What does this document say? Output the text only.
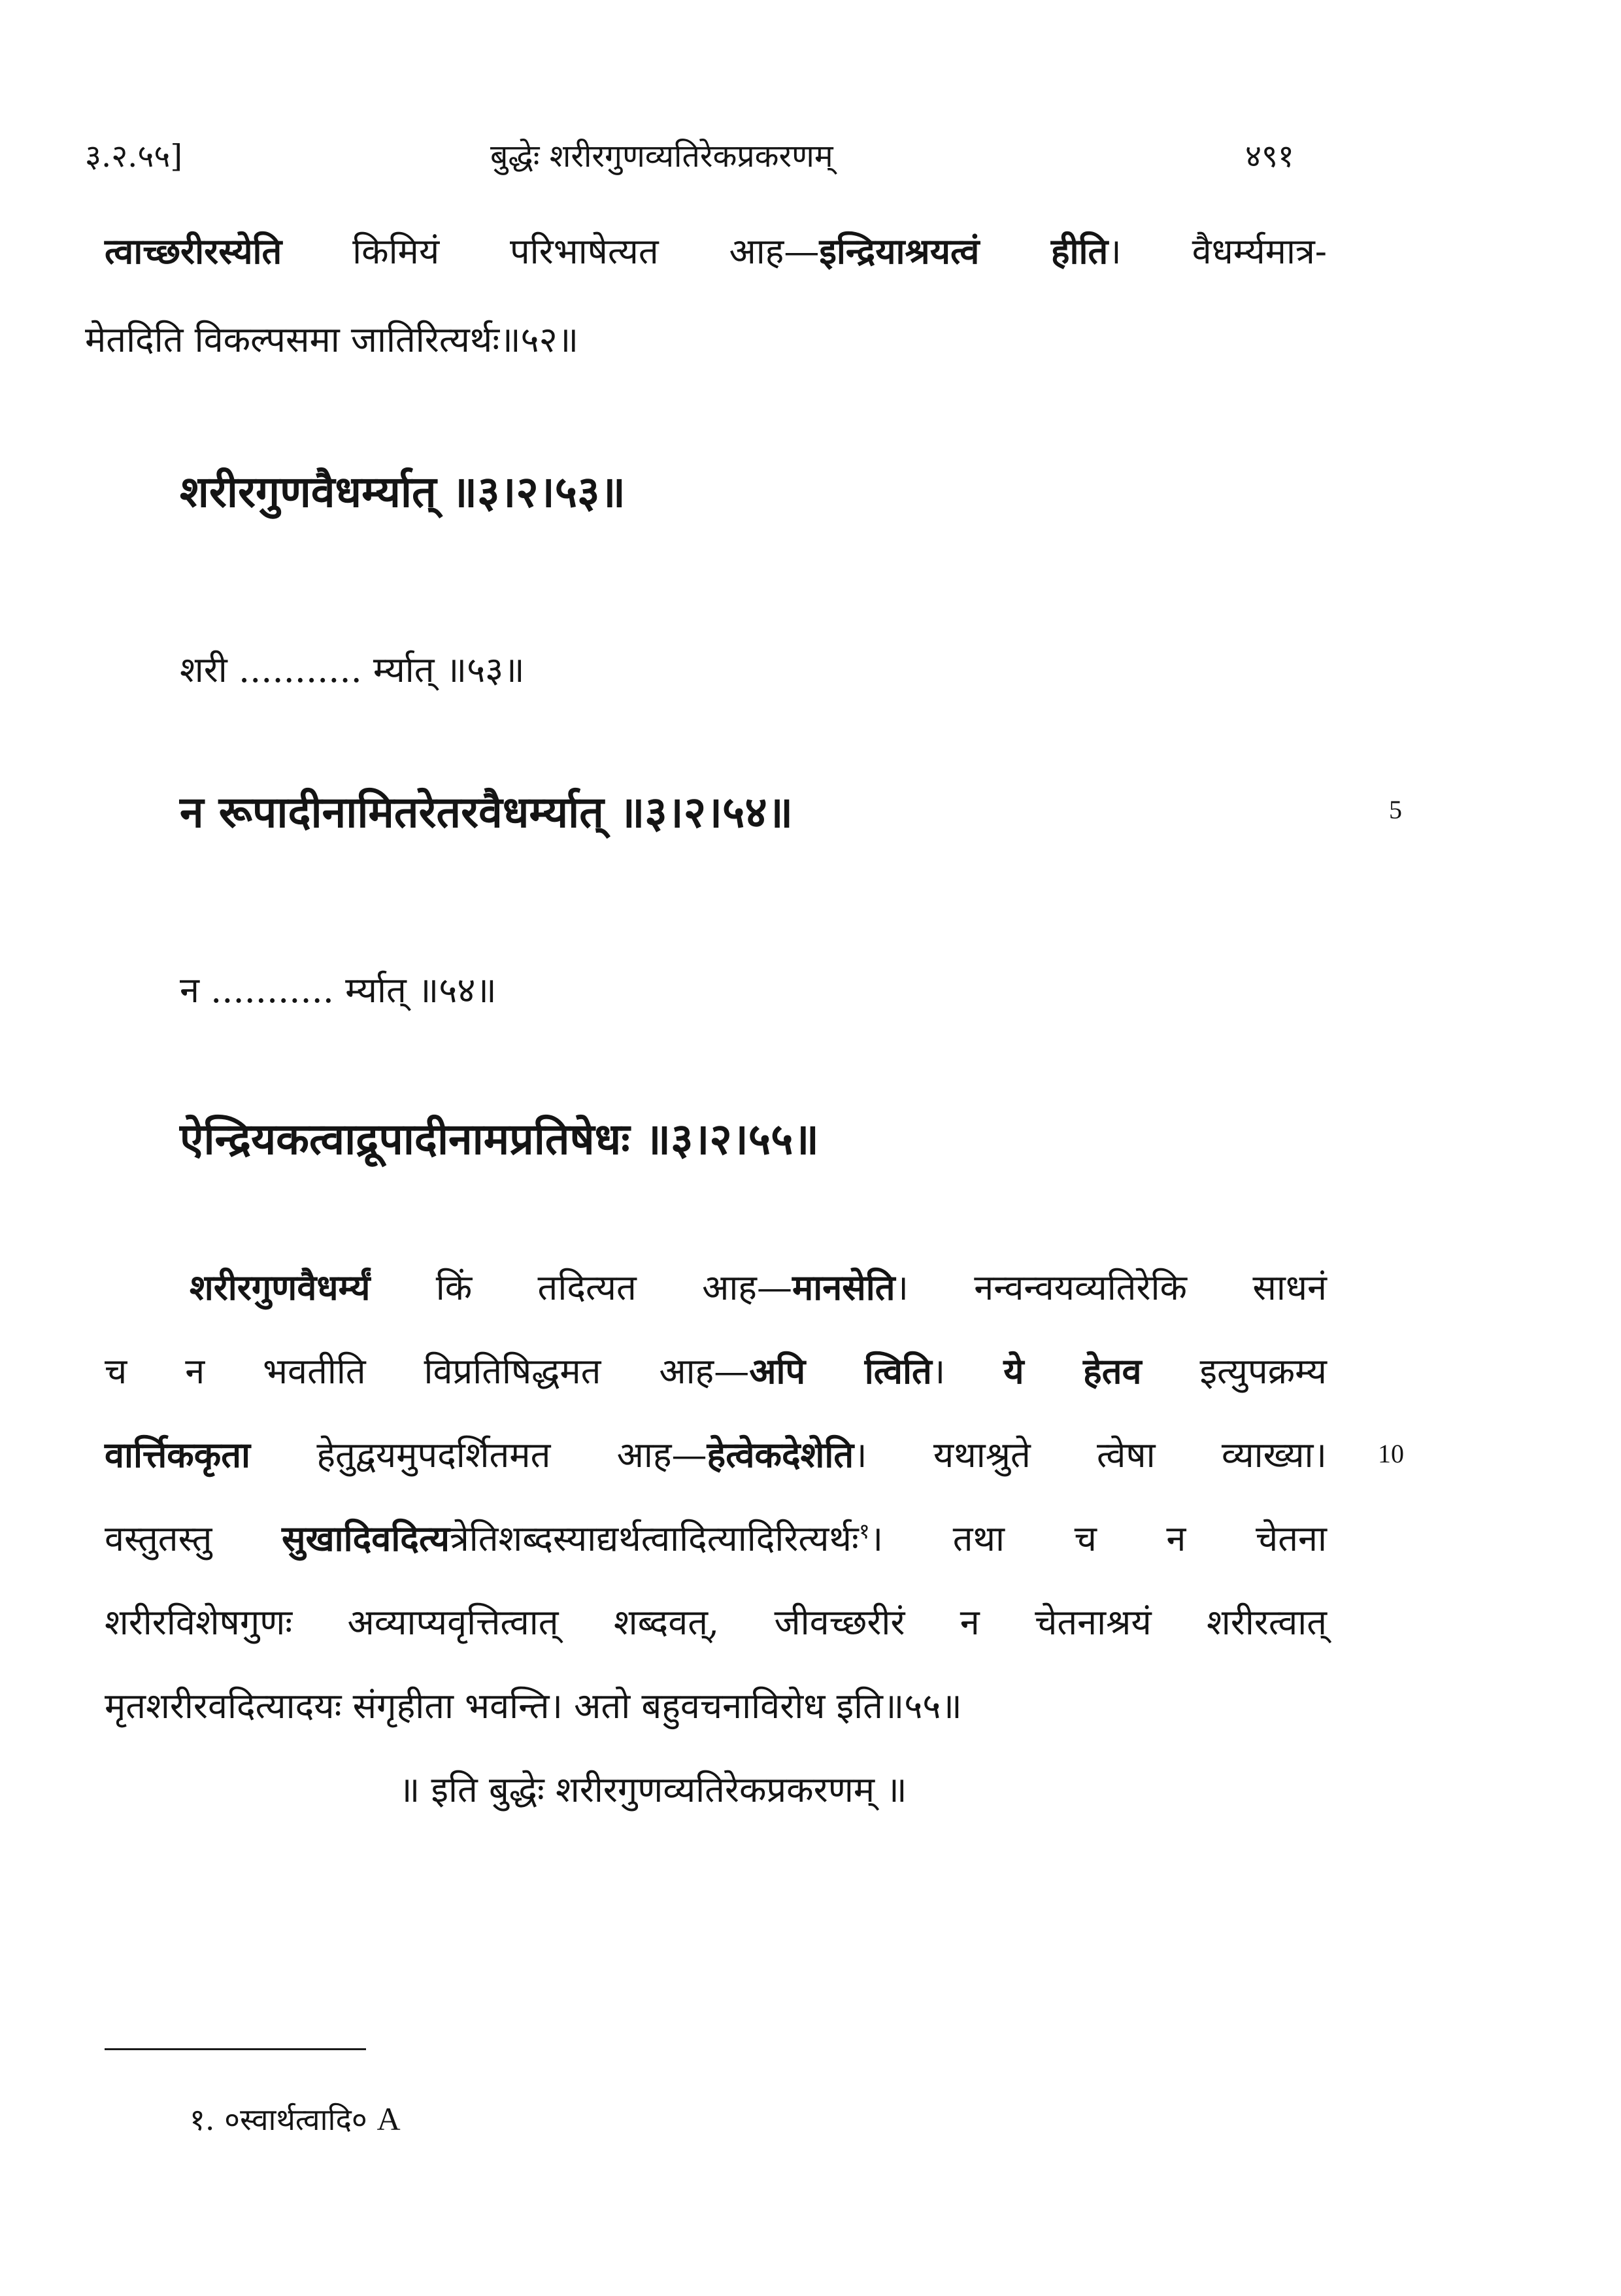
३.२.५५]	बुद्धेः शरीरगुणव्यतिरेकप्रकरणम्	४९१
त्वाच्छरीरस्येति किमियं परिभाषेत्यत आह—इन्द्रियाश्रयत्वं हीति। वैधर्म्यमात्र-
मेतदिति विकल्पसमा जातिरित्यर्थः॥५२॥
शरीरगुणवैधर्म्यात् ॥३।२।५३॥
शरी ........... र्म्यात् ॥५३॥
न रूपादीनामितरेतरवैधर्म्यात् ॥३।२।५४॥	5
न ........... र्म्यात् ॥५४॥
ऐन्द्रियकत्वाद्रूपादीनामप्रतिषेधः ॥३।२।५५॥
शरीरगुणवैधर्म्यं किं तदित्यत आह—मानसेति। नन्वन्वयव्यतिरेकि साधनं
च न भवतीति विप्रतिषिद्धमत आह—अपि त्विति। ये हेतव इत्युपक्रम्य
वार्त्तिककृता हेतुद्वयमुपदर्शितमत आह—हेत्वेकदेशेति। यथाश्रुते त्वेषा व्याख्या। 10
वस्तुतस्तु सुखादिवदित्यत्रेतिशब्दस्याद्यर्थत्वादित्यादिरित्यर्थः$^१$। तथा च न चेतना
शरीरविशेषगुणः अव्याप्यवृत्तित्वात् शब्दवत्, जीवच्छरीरं न चेतनाश्रयं शरीरत्वात्
मृतशरीरवदित्यादयः संगृहीता भवन्ति। अतो बहुवचनाविरोध इति॥५५॥
॥ इति बुद्धेः शरीरगुणव्यतिरेकप्रकरणम् ॥
१. ०स्वार्थत्वादि० A
